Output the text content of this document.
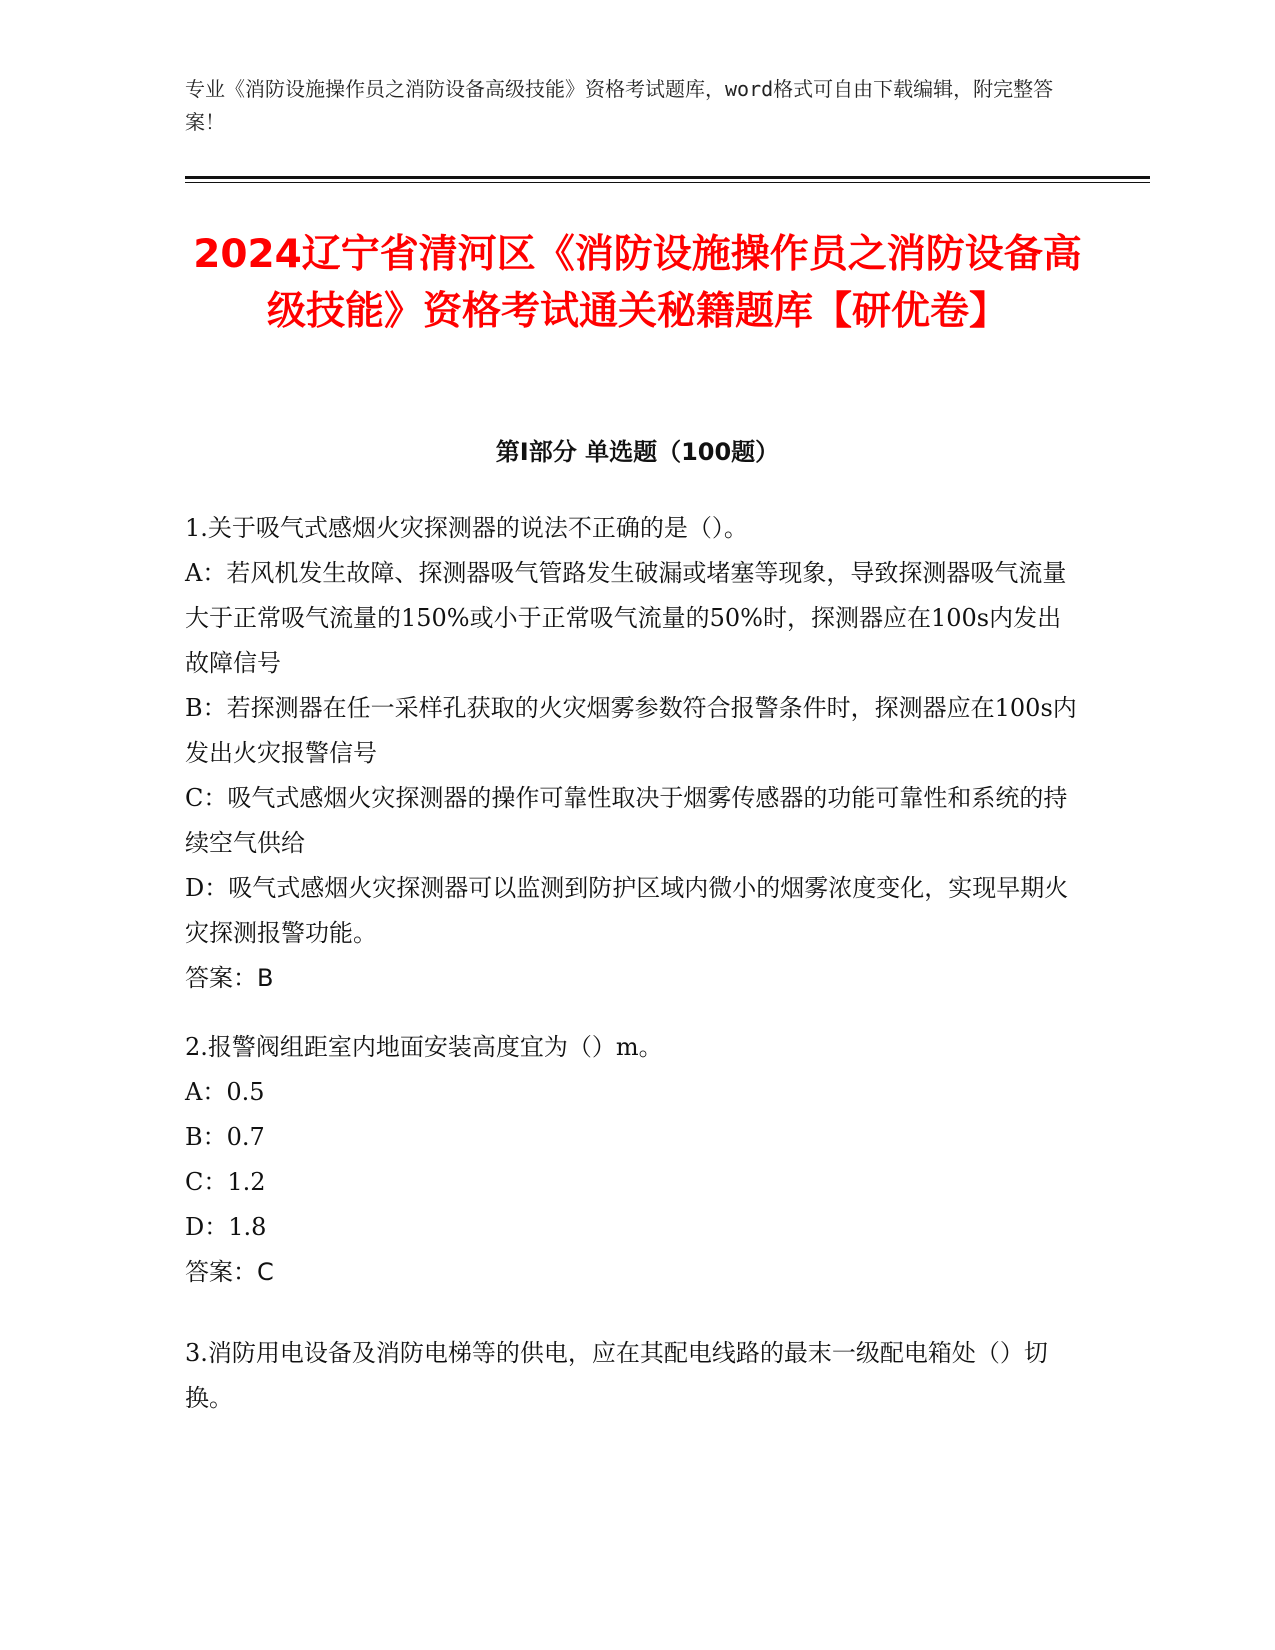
专业《消防设施操作员之消防设备高级技能》资格考试题库，word格式可自由下载编辑，附完整答案！
2024辽宁省清河区《消防设施操作员之消防设备高级技能》资格考试通关秘籍题库【研优卷】
第Ⅰ部分 单选题（100题）

1.关于吸气式感烟火灾探测器的说法不正确的是（）。

A：若风机发生故障、探测器吸气管路发生破漏或堵塞等现象，导致探测器吸气流量大于正常吸气流量的150%或小于正常吸气流量的50%时，探测器应在100s内发出故障信号

B：若探测器在任一采样孔获取的火灾烟雾参数符合报警条件时，探测器应在100s内发出火灾报警信号

C：吸气式感烟火灾探测器的操作可靠性取决于烟雾传感器的功能可靠性和系统的持续空气供给

D：吸气式感烟火灾探测器可以监测到防护区域内微小的烟雾浓度变化，实现早期火灾探测报警功能。

答案：B

2.报警阀组距室内地面安装高度宜为（）m。

A：0.5

B：0.7

C：1.2

D：1.8

答案：C

3.消防用电设备及消防电梯等的供电，应在其配电线路的最末一级配电箱处（）切换。
